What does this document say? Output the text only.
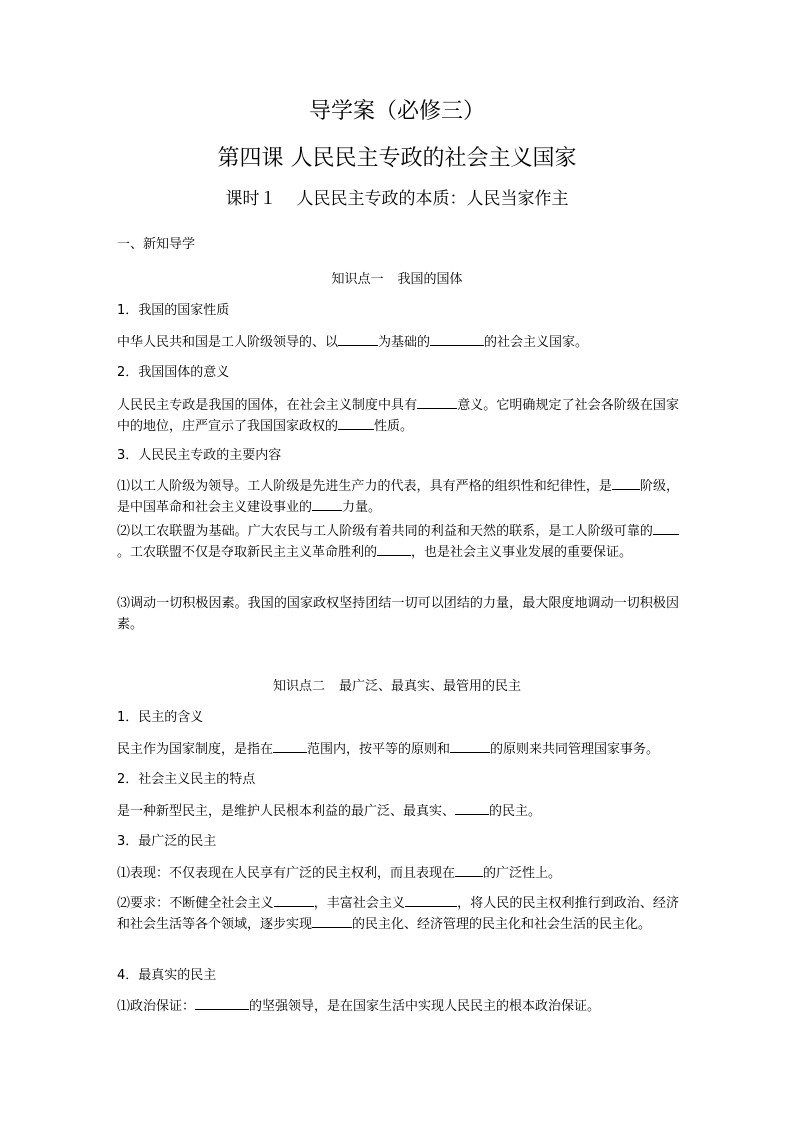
导学案（必修三）
第四课 人民民主专政的社会主义国家
课时１ 人民民主专政的本质：人民当家作主
一、新知导学
知识点一 我国的国体
1．我国的国家性质
中华人民共和国是工人阶级领导的、以	为基础的	的社会主义国家。
2．我国国体的意义
人民民主专政是我国的国体，在社会主义制度中具有	意义。它明确规定了社会各阶级在国家中的地位，庄严宣示了我国国家政权的	性质。
3．人民民主专政的主要内容
⑴以工人阶级为领导。工人阶级是先进生产力的代表，具有严格的组织性和纪律性，是 阶级，是中国革命和社会主义建设事业的 力量。
⑵以工农联盟为基础。广大农民与工人阶级有着共同的利益和天然的联系，是工人阶级可靠的。工农联盟不仅是夺取新民主主义革命胜利的	，也是社会主义事业发展的重要保证。
⑶调动一切积极因素。我国的国家政权坚持团结一切可以团结的力量，最大限度地调动一切积极因素。
知识点二 最广泛、最真实、最管用的民主
1．民主的含义
民主作为国家制度，是指在	范围内，按平等的原则和	的原则来共同管理国家事务。
2．社会主义民主的特点
是一种新型民主，是维护人民根本利益的最广泛、最真实、	的民主。
3．最广泛的民主
⑴表现：不仅表现在人民享有广泛的民主权利，而且表现在 的广泛性上。
⑵要求：不断健全社会主义	，丰富社会主义	，将人民的民主权利推行到政治、经济和社会生活等各个领域，逐步实现	的民主化、经济管理的民主化和社会生活的民主化。
4．最真实的民主
⑴政治保证：	的坚强领导，是在国家生活中实现人民民主的根本政治保证。
